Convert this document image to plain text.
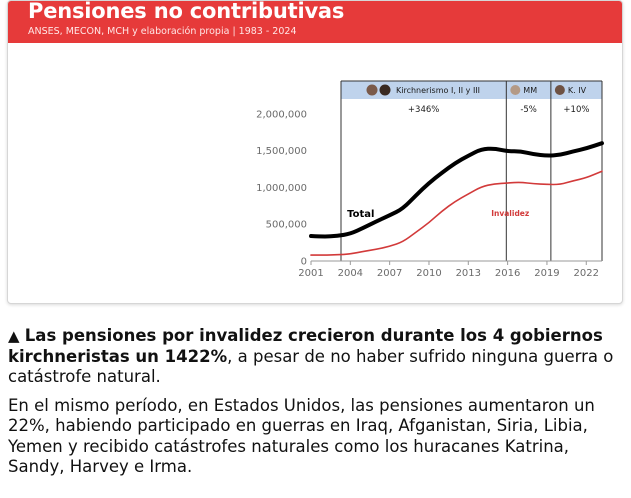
Pensiones no contributivas
ANSES, MECON, MCH y elaboración propia | 1983 - 2024
Kirchnerismo I, II y III
+346%
MM
-5%
K. IV
+10%
0
500,000
1,000,000
1,500,000
2,000,000
2001 2004 2007 2010 2013 2016 2019 2022
Total	Invalidez

▲ Las pensiones por invalidez crecieron durante los 4 gobiernos kirchneristas un 1422%, a pesar de no haber sufrido ninguna guerra o catástrofe natural.

En el mismo período, en Estados Unidos, las pensiones aumentaron un 22%, habiendo participado en guerras en Iraq, Afganistan, Siria, Libia, Yemen y recibido catástrofes naturales como los huracanes Katrina, Sandy, Harvey e Irma.
